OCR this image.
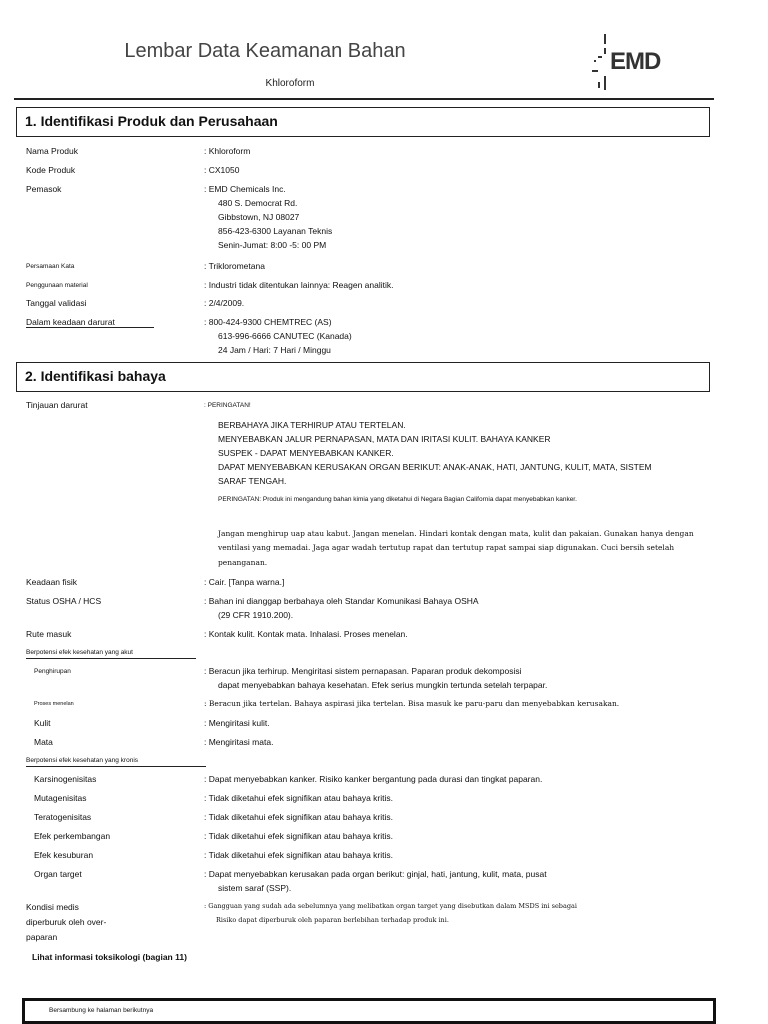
Lembar Data Keamanan Bahan
Khloroform
EMD
1. Identifikasi Produk dan Perusahaan
Nama Produk	: Khloroform
Kode Produk	: CX1050
Pemasok	: EMD Chemicals Inc.
480 S. Democrat Rd.
Gibbstown, NJ 08027
856-423-6300 Layanan Teknis
Senin-Jumat: 8:00 -5: 00 PM
Persamaan Kata	: Triklorometana
Penggunaan material	: Industri tidak ditentukan lainnya: Reagen analitik.
Tanggal validasi	: 2/4/2009.
Dalam keadaan darurat	: 800-424-9300 CHEMTREC (AS)
613-996-6666 CANUTEC (Kanada)
24 Jam / Hari: 7 Hari / Minggu
2. Identifikasi bahaya
Tinjauan darurat	: PERINGATAN!
BERBAHAYA JIKA TERHIRUP ATAU TERTELAN.
MENYEBABKAN JALUR PERNAPASAN, MATA DAN IRITASI KULIT. BAHAYA KANKER
SUSPEK - DAPAT MENYEBABKAN KANKER.
DAPAT MENYEBABKAN KERUSAKAN ORGAN BERIKUT: ANAK-ANAK, HATI, JANTUNG, KULIT, MATA, SISTEM
SARAF TENGAH.
PERINGATAN: Produk ini mengandung bahan kimia yang diketahui di Negara Bagian California dapat menyebabkan kanker.
Jangan menghirup uap atau kabut. Jangan menelan. Hindari kontak dengan mata, kulit dan pakaian. Gunakan hanya dengan
ventilasi yang memadai. Jaga agar wadah tertutup rapat dan tertutup rapat sampai siap digunakan. Cuci bersih setelah
penanganan.
Keadaan fisik	: Cair. [Tanpa warna.]
Status OSHA / HCS	: Bahan ini dianggap berbahaya oleh Standar Komunikasi Bahaya OSHA
(29 CFR 1910.200).
Rute masuk	: Kontak kulit. Kontak mata. Inhalasi. Proses menelan.
Berpotensi efek kesehatan yang akut
Penghirupan	: Beracun jika terhirup. Mengiritasi sistem pernapasan. Paparan produk dekomposisi
dapat menyebabkan bahaya kesehatan. Efek serius mungkin tertunda setelah terpapar.
Proses menelan	: Beracun jika tertelan. Bahaya aspirasi jika tertelan. Bisa masuk ke paru-paru dan menyebabkan kerusakan.
Kulit	: Mengiritasi kulit.
Mata	: Mengiritasi mata.
Berpotensi efek kesehatan yang kronis
Karsinogenisitas	: Dapat menyebabkan kanker. Risiko kanker bergantung pada durasi dan tingkat paparan.
Mutagenisitas	: Tidak diketahui efek signifikan atau bahaya kritis.
Teratogenisitas	: Tidak diketahui efek signifikan atau bahaya kritis.
Efek perkembangan	: Tidak diketahui efek signifikan atau bahaya kritis.
Efek kesuburan	: Tidak diketahui efek signifikan atau bahaya kritis.
Organ target	: Dapat menyebabkan kerusakan pada organ berikut: ginjal, hati, jantung, kulit, mata, pusat
sistem saraf (SSP).
Kondisi medis
diperburuk oleh over-
paparan
: Gangguan yang sudah ada sebelumnya yang melibatkan organ target yang disebutkan dalam MSDS ini sebagai
Risiko dapat diperburuk oleh paparan berlebihan terhadap produk ini.
Lihat informasi toksikologi (bagian 11)
Bersambung ke halaman berikutnya
